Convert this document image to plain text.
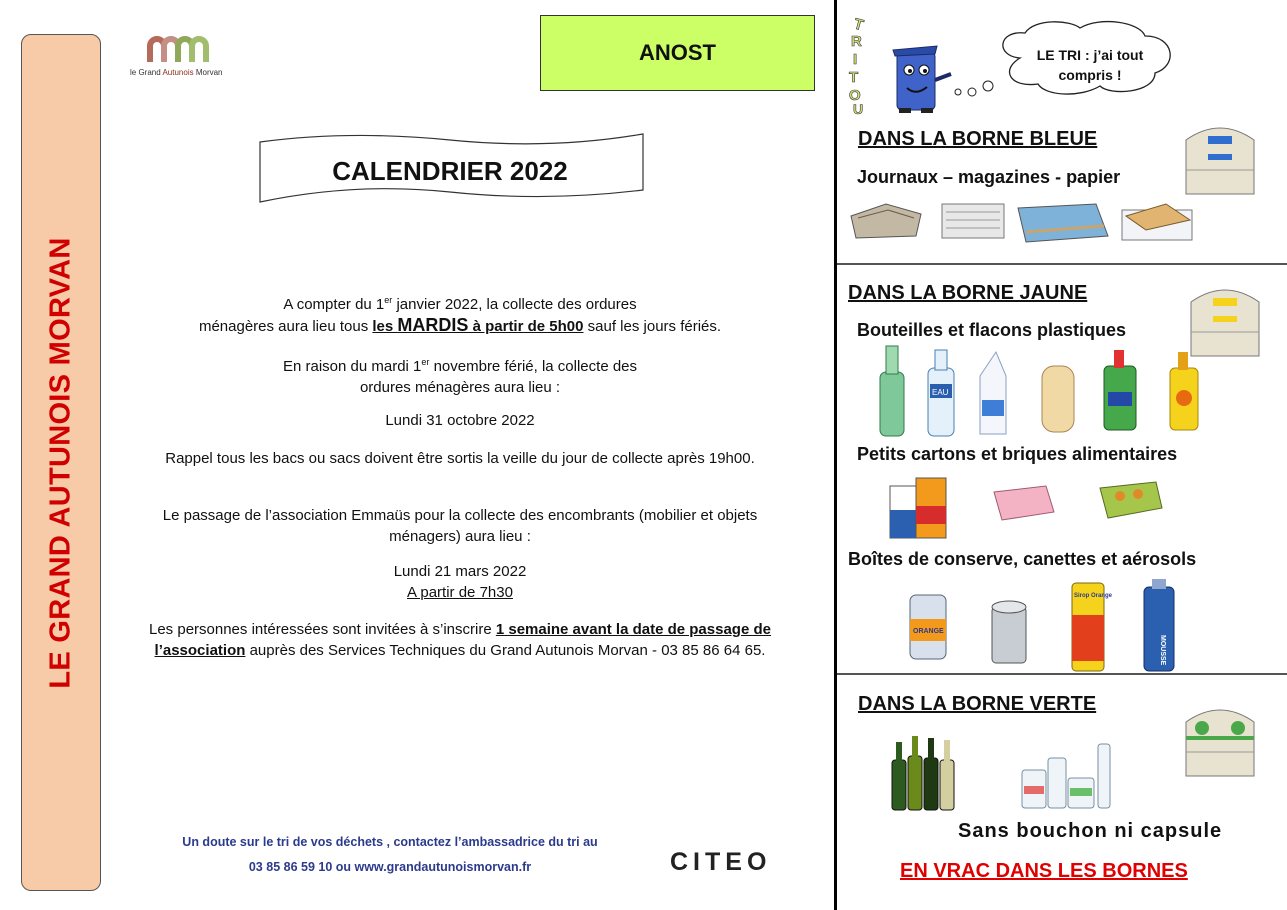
LE GRAND AUTUNOIS MORVAN
le Grand Autunois Morvan
ANOST
CALENDRIER 2022
A compter du 1er janvier 2022, la collecte des ordures
ménagères aura lieu tous les MARDIS à partir de 5h00 sauf les jours fériés.
En raison du mardi 1er novembre férié, la collecte des
ordures ménagères aura lieu :
Lundi 31 octobre 2022
Rappel tous les bacs ou sacs doivent être sortis la veille du jour de collecte après 19h00.
Le passage de l’association Emmaüs pour la collecte des encombrants (mobilier et objets
ménagers) aura lieu :
Lundi 21 mars 2022
A partir de 7h30
Les personnes intéressées sont invitées à s’inscrire 1 semaine avant la date de passage de
l’association auprès des Services Techniques du Grand Autunois Morvan - 03 85 86 64 65.
Un doute sur le tri de vos déchets , contactez l’ambassadrice du tri au
03 85 86 59 10 ou www.grandautunoismorvan.fr	CITEO
T
R
I
T
O
U
LE TRI : j’ai tout compris !
DANS LA BORNE BLEUE
Journaux – magazines - papier
DANS LA BORNE JAUNE
Bouteilles et flacons plastiques
EAU
Petits cartons et briques alimentaires
Boîtes de conserve, canettes et aérosols
ORANGE
Sirop Orange
MOUSSE
DANS LA BORNE VERTE
Sans bouchon ni capsule
EN VRAC DANS LES BORNES
